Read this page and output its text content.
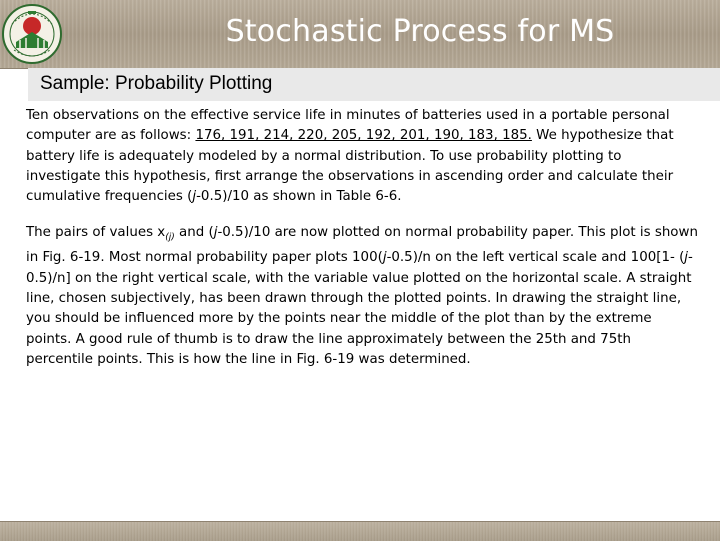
Stochastic Process for MS
Sample: Probability Plotting

Ten observations on the effective service life in minutes of batteries used in a portable personal computer are as follows: 176, 191, 214, 220, 205, 192, 201, 190, 183, 185. We hypothesize that battery life is adequately modeled by a normal distribution. To use probability plotting to investigate this hypothesis, first arrange the observations in ascending order and calculate their cumulative frequencies (j-0.5)/10 as shown in Table 6-6.

The pairs of values $x_{(j)}$ and (j-0.5)/10 are now plotted on normal probability paper. This plot is shown in Fig. 6-19. Most normal probability paper plots 100(j-0.5)/n on the left vertical scale and 100[1- (j-0.5)/n] on the right vertical scale, with the variable value plotted on the horizontal scale. A straight line, chosen subjectively, has been drawn through the plotted points. In drawing the straight line, you should be influenced more by the points near the middle of the plot than by the extreme points. A good rule of thumb is to draw the line approximately between the 25th and 75th percentile points. This is how the line in Fig. 6-19 was determined.
